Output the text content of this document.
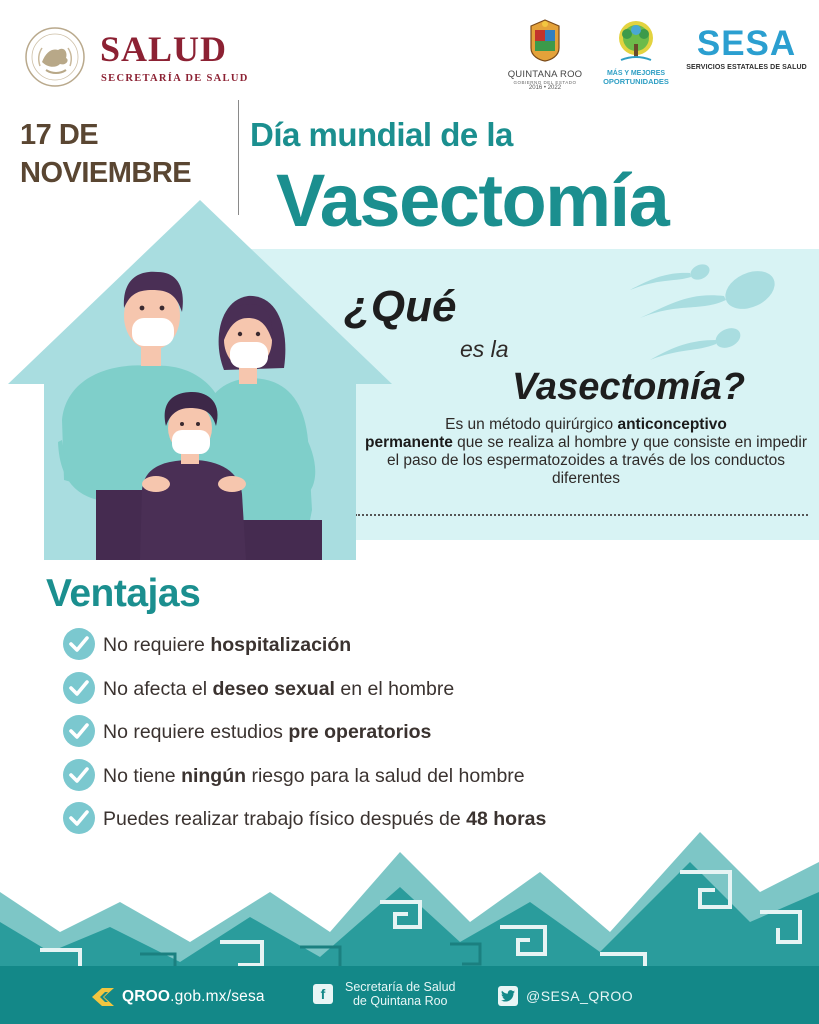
SALUD
SECRETARÍA DE SALUD	QUINTANA ROO
GOBIERNO DEL ESTADO
2016 • 2022
MÁS Y MEJORES
OPORTUNIDADES
SESA
SERVICIOS ESTATALES DE SALUD
17 DE
NOVIEMBRE
Día mundial de la
Vasectomía
¿Qué
es la
Vasectomía?
Es un método quirúrgico anticonceptivo
permanente que se realiza al hombre y que consiste en impedir el paso de los espermatozoides a través de los conductos diferentes
Ventajas
No requiere hospitalización
No afecta el deseo sexual en el hombre
No requiere estudios pre operatorios
No tiene ningún riesgo para la salud del hombre
Puedes realizar trabajo físico después de 48 horas
QROO.gob.mx/sesa	f	Secretaría de Salud
de Quintana Roo	@SESA_QROO
